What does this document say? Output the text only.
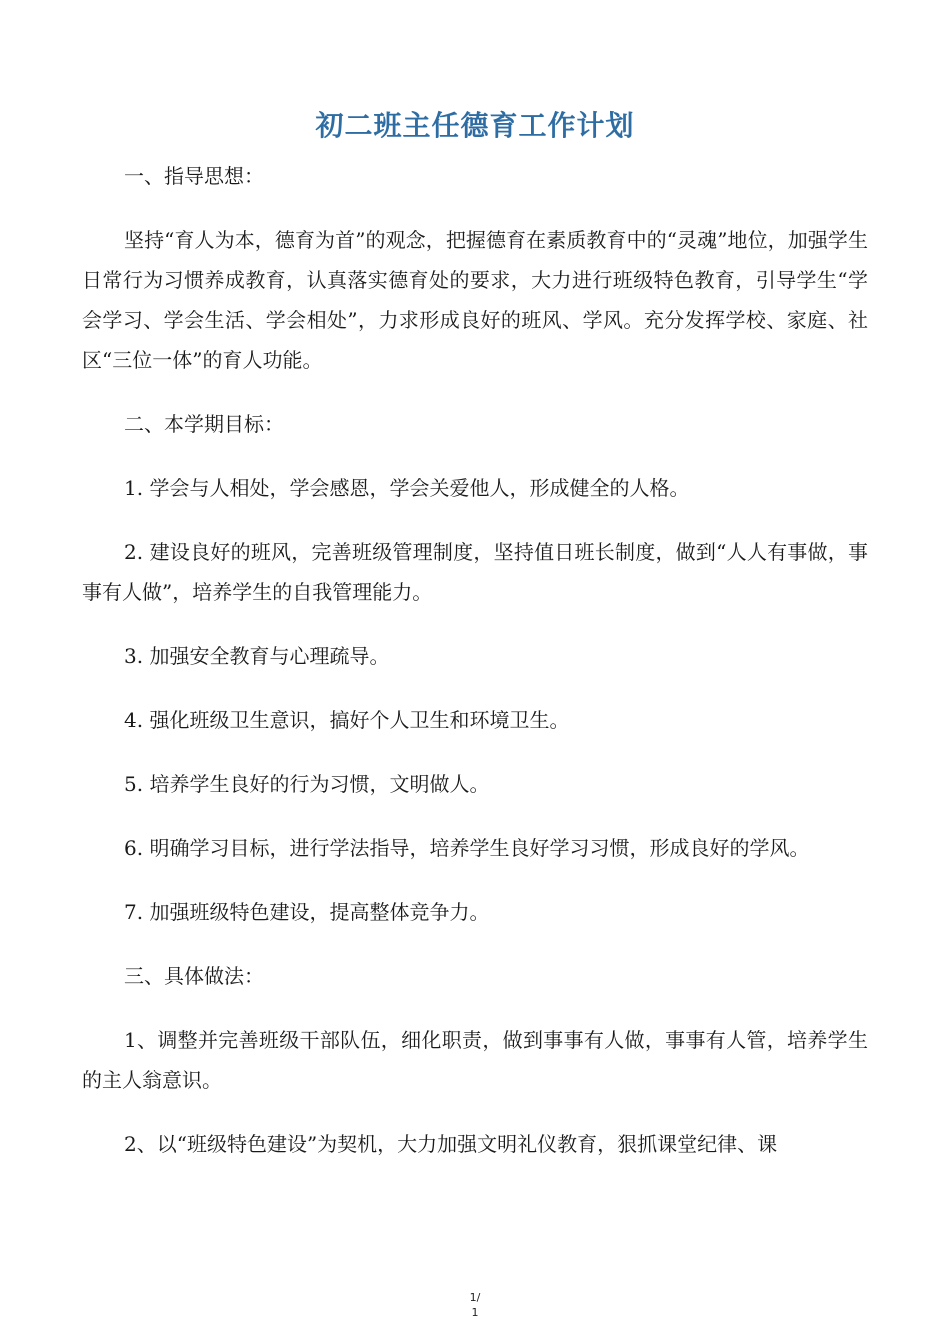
初二班主任德育工作计划

一、指导思想：

坚持“育人为本，德育为首”的观念，把握德育在素质教育中的“灵魂”地位，加强学生日常行为习惯养成教育，认真落实德育处的要求，大力进行班级特色教育，引导学生“学会学习、学会生活、学会相处”，力求形成良好的班风、学风。充分发挥学校、家庭、社区“三位一体”的育人功能。

二、本学期目标：

1. 学会与人相处，学会感恩，学会关爱他人，形成健全的人格。

2. 建设良好的班风，完善班级管理制度，坚持值日班长制度，做到“人人有事做，事事有人做”，培养学生的自我管理能力。

3. 加强安全教育与心理疏导。

4. 强化班级卫生意识，搞好个人卫生和环境卫生。

5. 培养学生良好的行为习惯，文明做人。

6. 明确学习目标，进行学法指导，培养学生良好学习习惯，形成良好的学风。

7. 加强班级特色建设，提高整体竞争力。

三、具体做法：

1、调整并完善班级干部队伍，细化职责，做到事事有人做，事事有人管，培养学生的主人翁意识。

2、以“班级特色建设”为契机，大力加强文明礼仪教育，狠抓课堂纪律、课

1/
1
